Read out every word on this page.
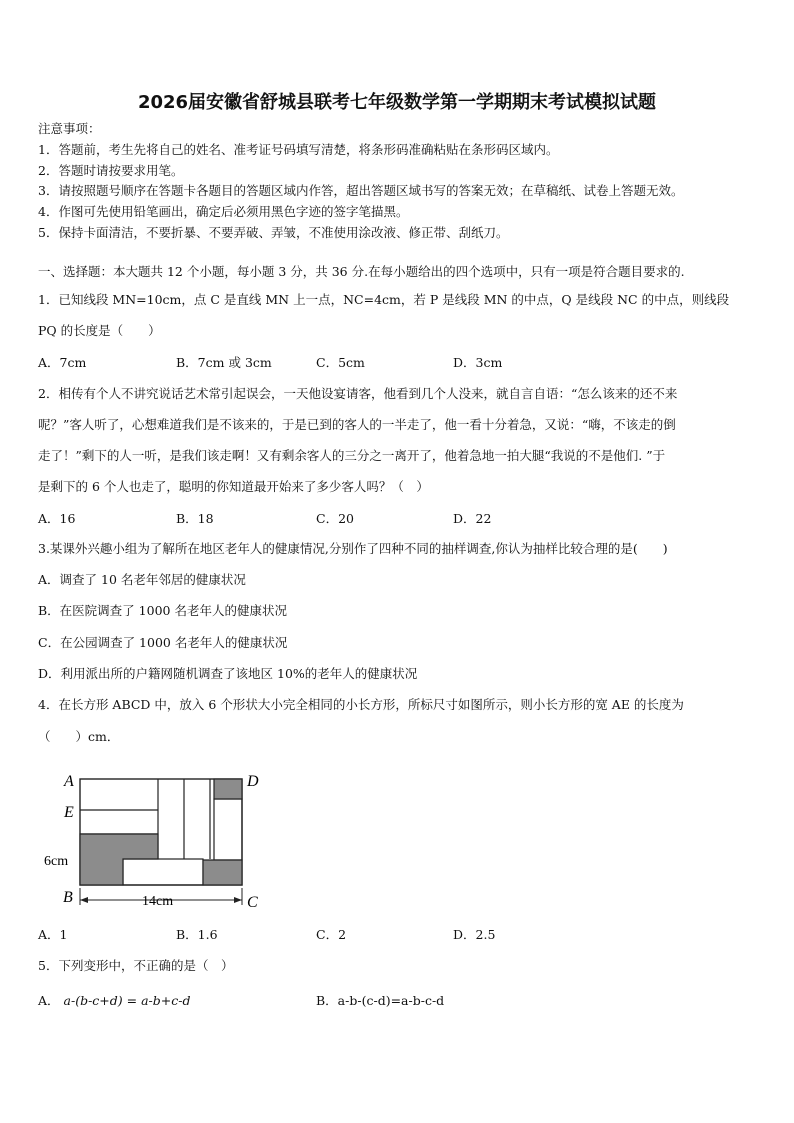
2026届安徽省舒城县联考七年级数学第一学期期末考试模拟试题
注意事项：
1．答题前，考生先将自己的姓名、准考证号码填写清楚，将条形码准确粘贴在条形码区域内。
2．答题时请按要求用笔。
3．请按照题号顺序在答题卡各题目的答题区域内作答，超出答题区域书写的答案无效；在草稿纸、试卷上答题无效。
4．作图可先使用铅笔画出，确定后必须用黑色字迹的签字笔描黑。
5．保持卡面清洁，不要折暴、不要弄破、弄皱，不准使用涂改液、修正带、刮纸刀。
一、选择题：本大题共 12 个小题，每小题 3 分，共 36 分.在每小题给出的四个选项中，只有一项是符合题目要求的.
1．已知线段 MN=10cm，点 C 是直线 MN 上一点，NC=4cm，若 P 是线段 MN 的中点，Q 是线段 NC 的中点，则线段
PQ 的长度是（　　）
A．7cm	B．7cm 或 3cm	C．5cm	D．3cm
2．相传有个人不讲究说话艺术常引起误会，一天他设宴请客，他看到几个人没来，就自言自语：“怎么该来的还不来
呢？”客人听了，心想难道我们是不该来的，于是已到的客人的一半走了，他一看十分着急，又说：“嗨，不该走的倒
走了！”剩下的人一听，是我们该走啊！又有剩余客人的三分之一离开了，他着急地一拍大腿“我说的不是他们. ”于
是剩下的 6 个人也走了，聪明的你知道最开始来了多少客人吗？（　）
A．16	B．18	C．20	D．22
3.某课外兴趣小组为了解所在地区老年人的健康情况,分别作了四种不同的抽样调查,你认为抽样比较合理的是(　　)
A．调查了 10 名老年邻居的健康状况
B．在医院调查了 1000 名老年人的健康状况
C．在公园调查了 1000 名老年人的健康状况
D．利用派出所的户籍网随机调查了该地区 10%的老年人的健康状况
4．在长方形 ABCD 中，放入 6 个形状大小完全相同的小长方形，所标尺寸如图所示，则小长方形的宽 AE 的长度为
（　　）cm．
A	D
E
B	C
6cm
14cm
A．1	B．1.6	C．2	D．2.5
5．下列变形中，不正确的是（　）
A． a-(b-c+d) = a-b+c-d	B．a-b-(c-d)=a-b-c-d
